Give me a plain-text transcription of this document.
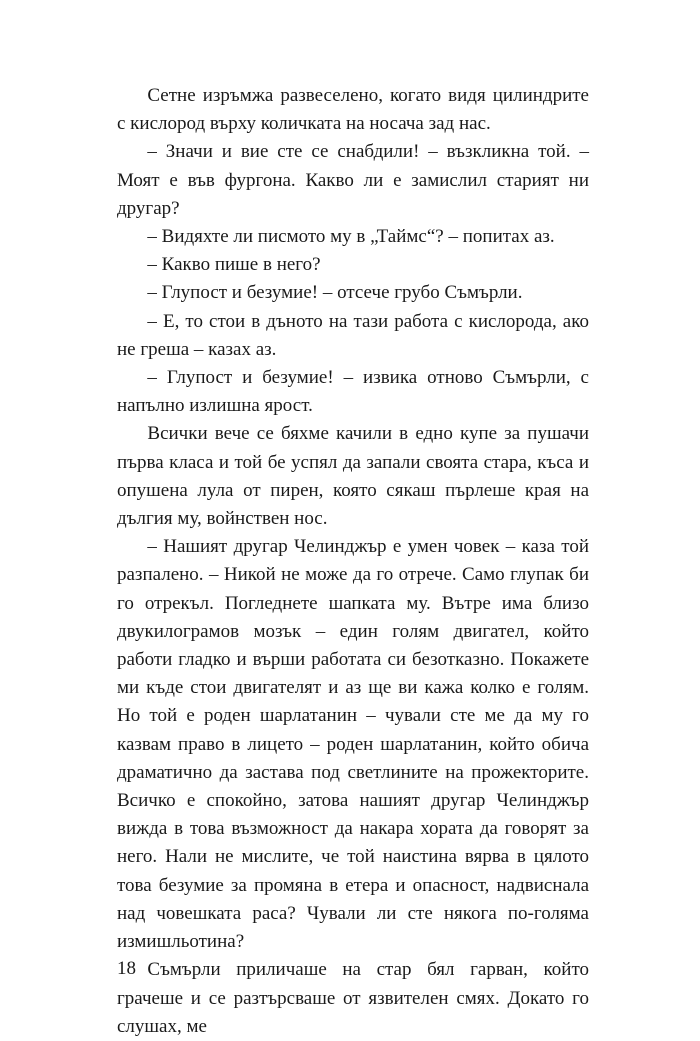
Сетне изръмжа развеселено, когато видя цилиндрите с кислород върху количката на носача зад нас.

– Значи и вие сте се снабдили! – възкликна той. – Моят е във фургона. Какво ли е замислил старият ни другар?

– Видяхте ли писмото му в „Таймс“? – попитах аз.

– Какво пише в него?

– Глупост и безумие! – отсече грубо Съмърли.

– Е, то стои в дъното на тази работа с кислорода, ако не греша – казах аз.

– Глупост и безумие! – извика отново Съмърли, с напълно излишна ярост.

Всички вече се бяхме качили в едно купе за пушачи първа класа и той бе успял да запали своята стара, къса и опушена лула от пирен, която сякаш пърлеше края на дългия му, войнствен нос.

– Нашият другар Челинджър е умен човек – каза той разпалено. – Никой не може да го отрече. Само глупак би го отрекъл. Погледнете шапката му. Вътре има близо двукилограмов мозък – един голям двигател, който работи гладко и върши работата си безотказно. Покажете ми къде стои двигателят и аз ще ви кажа колко е голям. Но той е роден шарлатанин – чували сте ме да му го казвам право в лицето – роден шарлатанин, който обича драматично да застава под светлините на прожекторите. Всичко е спокойно, затова нашият другар Челинджър вижда в това възможност да накара хората да говорят за него. Нали не мислите, че той наистина вярва в цялото това безумие за промяна в етера и опасност, надвиснала над човешката раса? Чували ли сте някога по-голяма измишльотина?

Съмърли приличаше на стар бял гарван, който грачеше и се разтърсваше от язвителен смях. Докато го слушах, ме

18
